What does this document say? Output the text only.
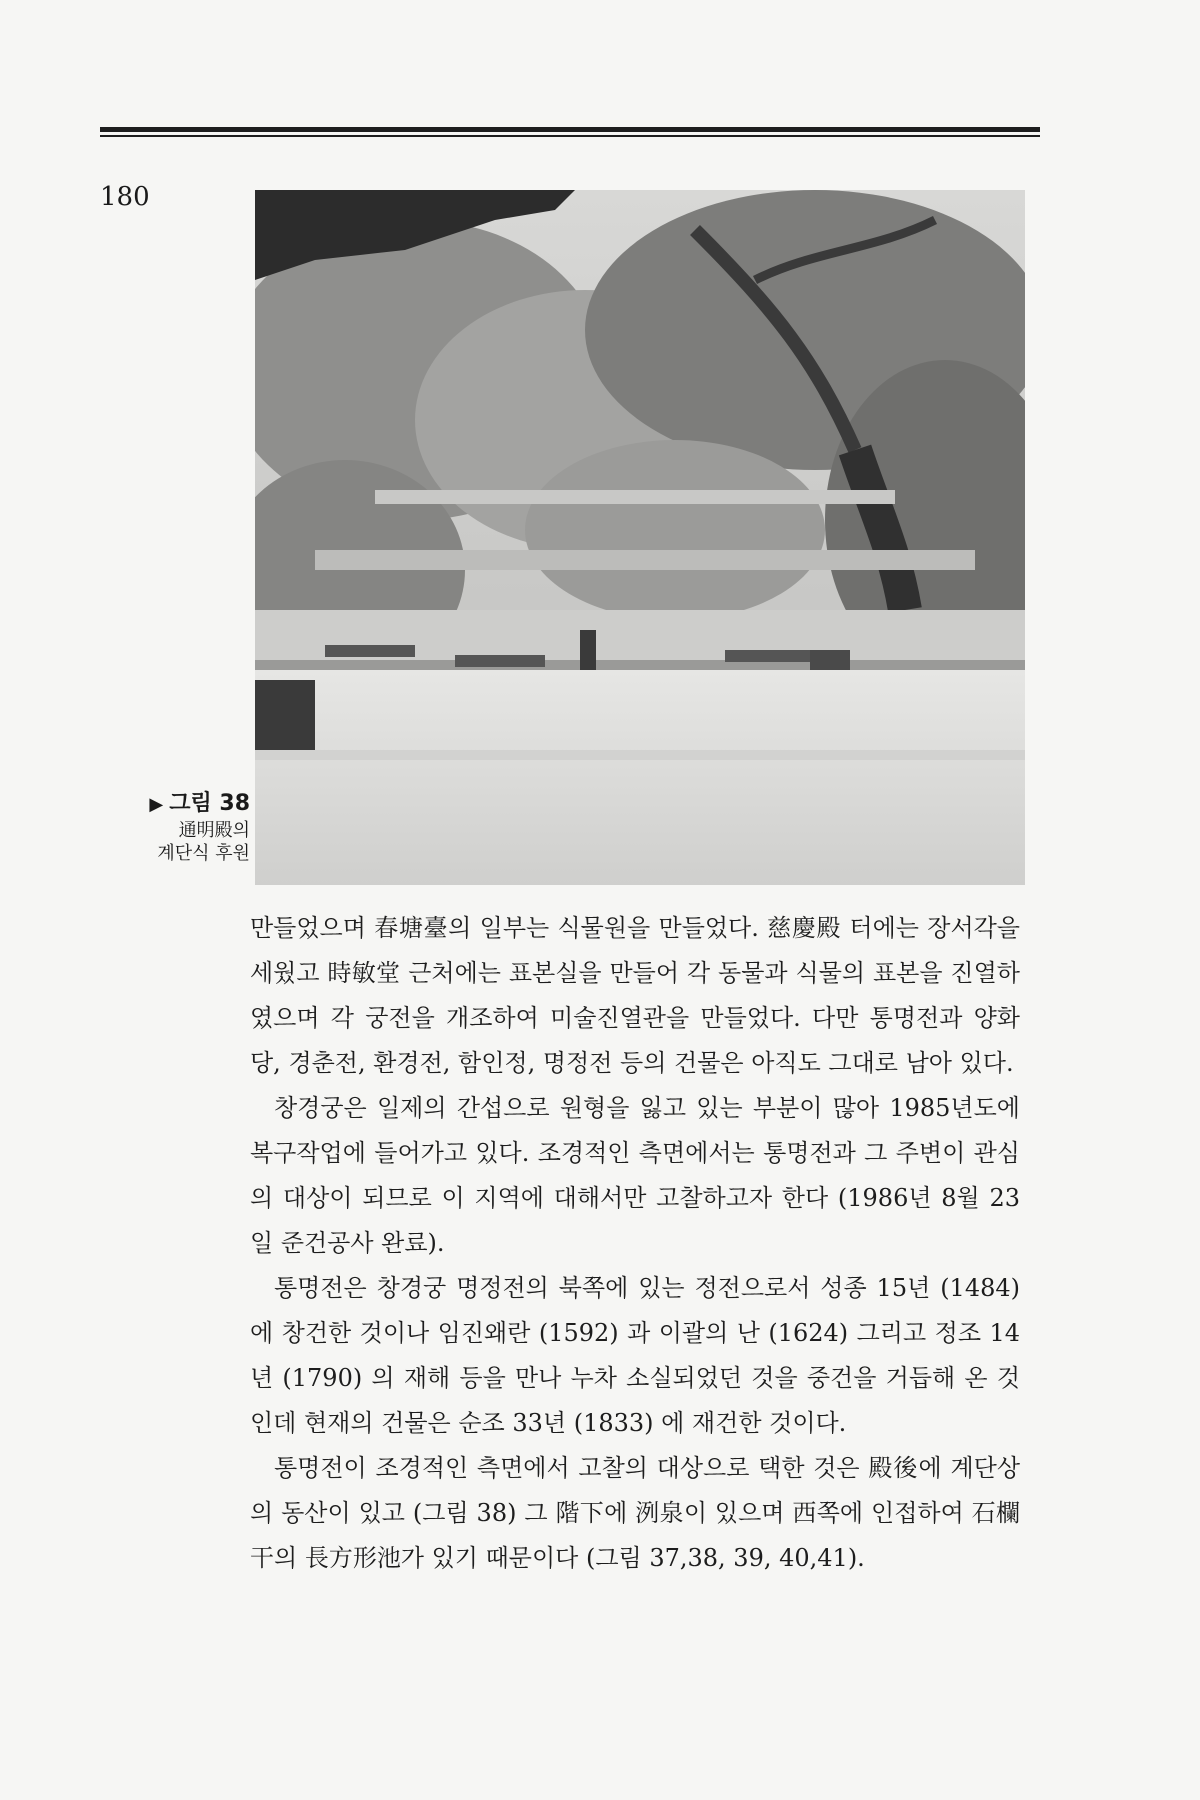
180
▶ 그림 38
通明殿의
계단식 후원

만들었으며 春塘臺의 일부는 식물원을 만들었다. 慈慶殿 터에는 장서각을 세웠고 時敏堂 근처에는 표본실을 만들어 각 동물과 식물의 표본을 진열하였으며 각 궁전을 개조하여 미술진열관을 만들었다. 다만 통명전과 양화당, 경춘전, 환경전, 함인정, 명정전 등의 건물은 아직도 그대로 남아 있다.

창경궁은 일제의 간섭으로 원형을 잃고 있는 부분이 많아 1985년도에 복구작업에 들어가고 있다. 조경적인 측면에서는 통명전과 그 주변이 관심의 대상이 되므로 이 지역에 대해서만 고찰하고자 한다 (1986년 8월 23일 준건공사 완료).

통명전은 창경궁 명정전의 북쪽에 있는 정전으로서 성종 15년 (1484) 에 창건한 것이나 임진왜란 (1592) 과 이괄의 난 (1624) 그리고 정조 14년 (1790) 의 재해 등을 만나 누차 소실되었던 것을 중건을 거듭해 온 것인데 현재의 건물은 순조 33년 (1833) 에 재건한 것이다.

통명전이 조경적인 측면에서 고찰의 대상으로 택한 것은 殿後에 계단상의 동산이 있고 (그림 38) 그 階下에 洌泉이 있으며 西쪽에 인접하여 石欄干의 長方形池가 있기 때문이다 (그림 37,38, 39, 40,41).
